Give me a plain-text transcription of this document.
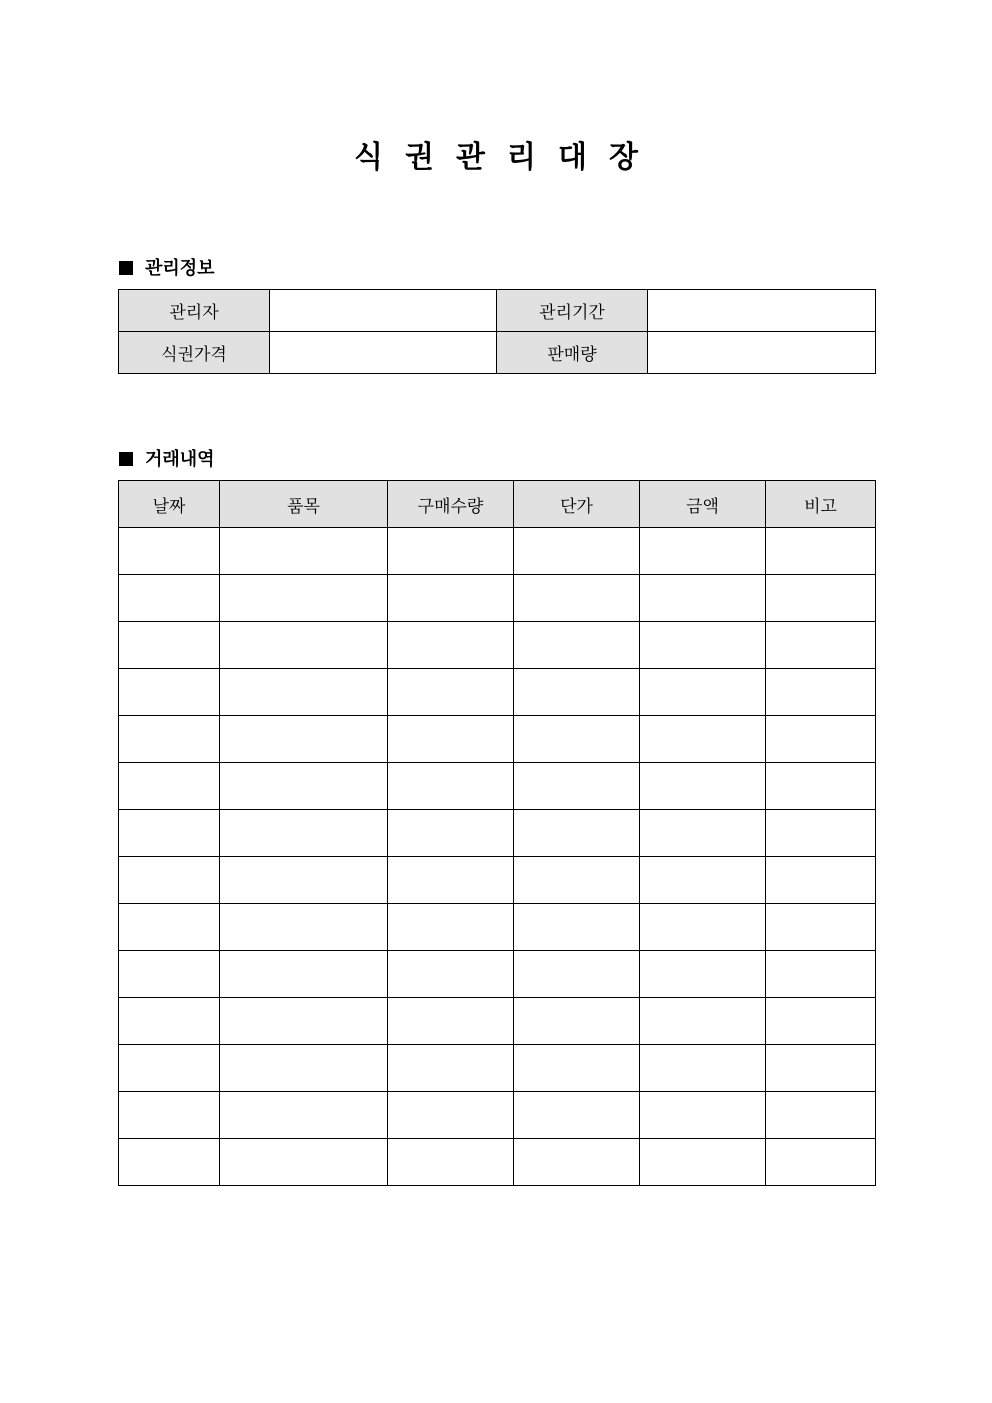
식권관리대장
관리정보
관리자		관리기간	
식권가격		판매량	
거래내역
날짜	품목	구매수량	단가	금액	비고
